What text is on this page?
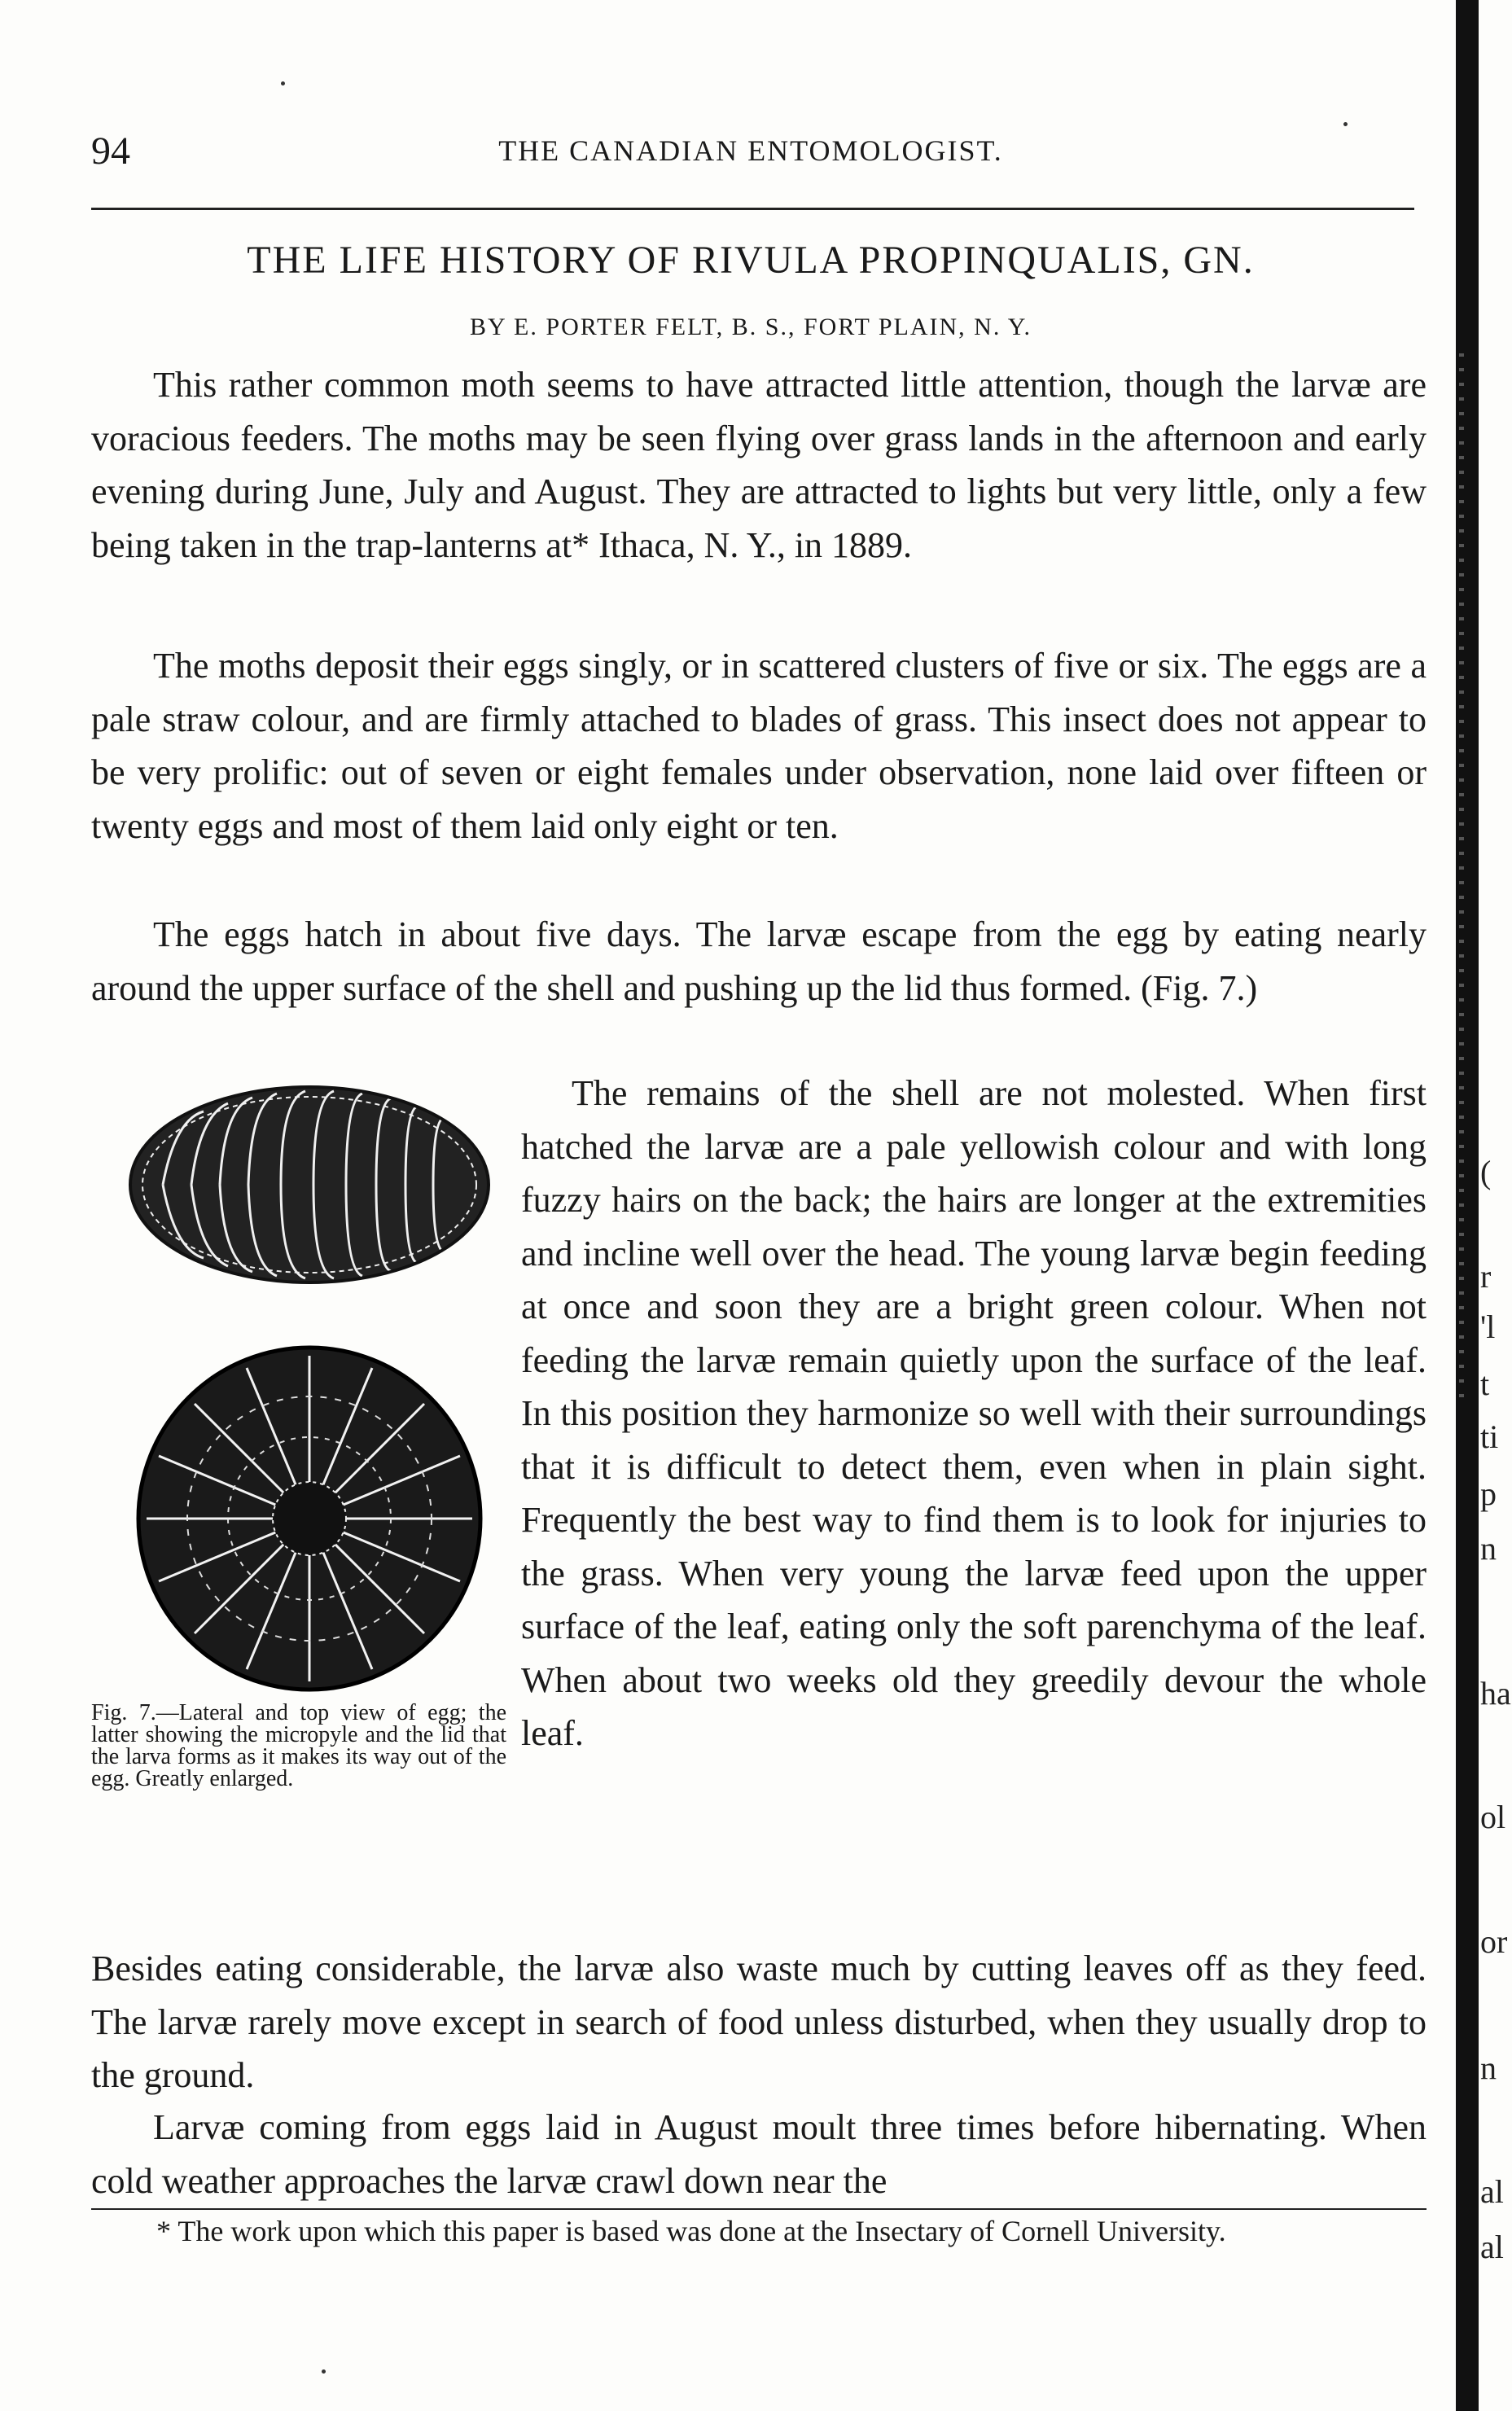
94	THE CANADIAN ENTOMOLOGIST.
THE LIFE HISTORY OF RIVULA PROPINQUALIS, GN.
BY E. PORTER FELT, B. S., FORT PLAIN, N. Y.

This rather common moth seems to have attracted little attention, though the larvæ are voracious feeders. The moths may be seen flying over grass lands in the afternoon and early evening during June, July and August. They are attracted to lights but very little, only a few being taken in the trap-lanterns at* Ithaca, N. Y., in 1889.

The moths deposit their eggs singly, or in scattered clusters of five or six. The eggs are a pale straw colour, and are firmly attached to blades of grass. This insect does not appear to be very prolific: out of seven or eight females under observation, none laid over fifteen or twenty eggs and most of them laid only eight or ten.

The eggs hatch in about five days. The larvæ escape from the egg by eating nearly around the upper surface of the shell and pushing up the lid thus formed. (Fig. 7.)

The remains of the shell are not molested. When first hatched the larvæ are a pale yellowish colour and with long fuzzy hairs on the back; the hairs are longer at the extremities and incline well over the head. The young larvæ begin feeding at once and soon they are a bright green colour. When not feeding the larvæ remain quietly upon the surface of the leaf. In this position they harmonize so well with their surroundings that it is difficult to detect them, even when in plain sight. Frequently the best way to find them is to look for injuries to the grass. When very young the larvæ feed upon the upper surface of the leaf, eating only the soft parenchyma of the leaf. When about two weeks old they greedily devour the whole leaf.

Fig. 7.—Lateral and top view of egg; the latter showing the micropyle and the lid that the larva forms as it makes its way out of the egg. Greatly enlarged.

Besides eating considerable, the larvæ also waste much by cutting leaves off as they feed. The larvæ rarely move except in search of food unless disturbed, when they usually drop to the ground.

Larvæ coming from eggs laid in August moult three times before hibernating. When cold weather approaches the larvæ crawl down near the

* The work upon which this paper is based was done at the Insectary of Cornell University.

(
r
'l
t
ti
p
n
ha
ol
or
n
al
al
